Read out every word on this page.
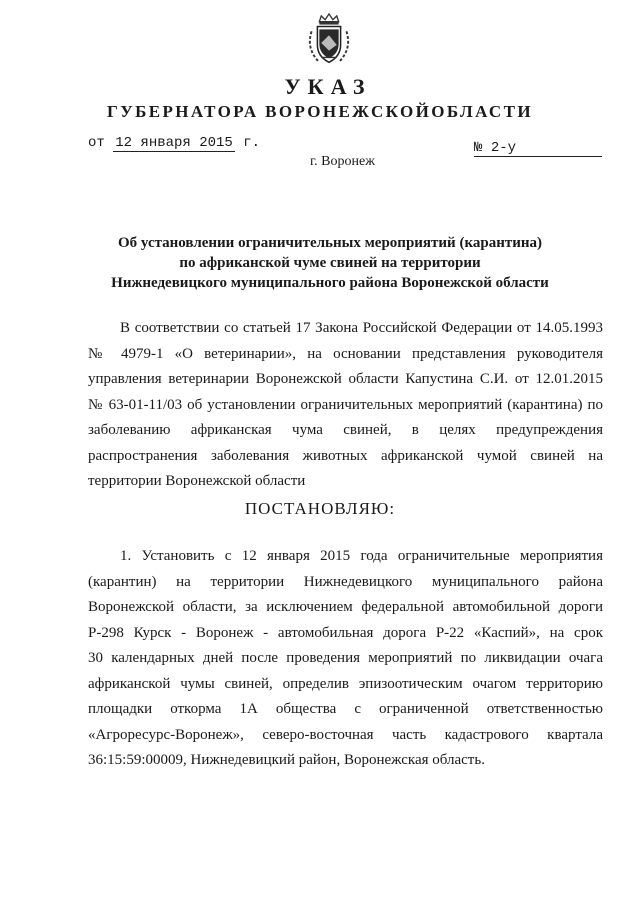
УКАЗ
ГУБЕРНАТОРА ВОРОНЕЖСКОЙОБЛАСТИ
от 12 января 2015 г.	№ 2-у
г. Воронеж
Об установлении ограничительных мероприятий (карантина)
по африканской чуме свиней на территории
Нижнедевицкого муниципального района Воронежской области
В соответствии со статьей 17 Закона Российской Федерации от 14.05.1993
№ 4979-1 «О ветеринарии», на основании представления руководителя
управления ветеринарии Воронежской области Капустина С.И. от 12.01.2015
№ 63-01-11/03 об установлении ограничительных мероприятий (карантина) по
заболеванию африканская чума свиней, в целях предупреждения
распространения заболевания животных африканской чумой свиней на
территории Воронежской области
ПОСТАНОВЛЯЮ:
1. Установить с 12 января 2015 года ограничительные мероприятия
(карантин) на территории Нижнедевицкого муниципального района
Воронежской области, за исключением федеральной автомобильной дороги
Р-298 Курск - Воронеж - автомобильная дорога Р-22 «Каспий», на срок
30 календарных дней после проведения мероприятий по ликвидации очага
африканской чумы свиней, определив эпизоотическим очагом территорию
площадки откорма 1А общества с ограниченной ответственностью
«Агроресурс-Воронеж», северо-восточная часть кадастрового квартала
36:15:59:00009, Нижнедевицкий район, Воронежская область.
